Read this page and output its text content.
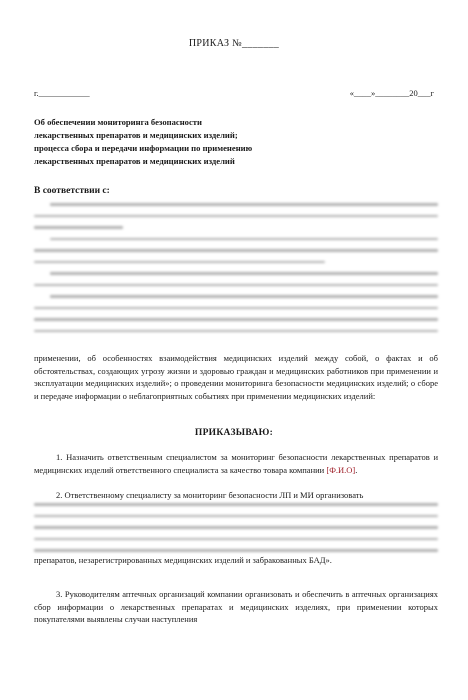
ПРИКАЗ №_______
г.____________	«____»________20___г
Об обеспечении мониторинга безопасности
лекарственных препаратов и медицинских изделий;
процесса сбора и передачи информации по применению
лекарственных препаратов и медицинских изделий
В соответствии с:
применении, об особенностях взаимодействия медицинских изделий между собой, о фактах и об обстоятельствах, создающих угрозу жизни и здоровью граждан и медицинских работников при применении и эксплуатации медицинских изделий»; о проведении мониторинга безопасности медицинских изделий; о сборе и передаче информации о неблагоприятных событиях при применении медицинских изделий:
ПРИКАЗЫВАЮ:
1. Назначить ответственным специалистом за мониторинг безопасности лекарственных препаратов и медицинских изделий ответственного специалиста за качество товара компании [Ф.И.О].
2. Ответственному специалисту за мониторинг безопасности ЛП и МИ организовать
препаратов, незарегистрированных медицинских изделий и забракованных БАД».
3. Руководителям аптечных организаций компании организовать и обеспечить в аптечных организациях сбор информации о лекарственных препаратах и медицинских изделиях, при применении которых покупателями выявлены случаи наступления
